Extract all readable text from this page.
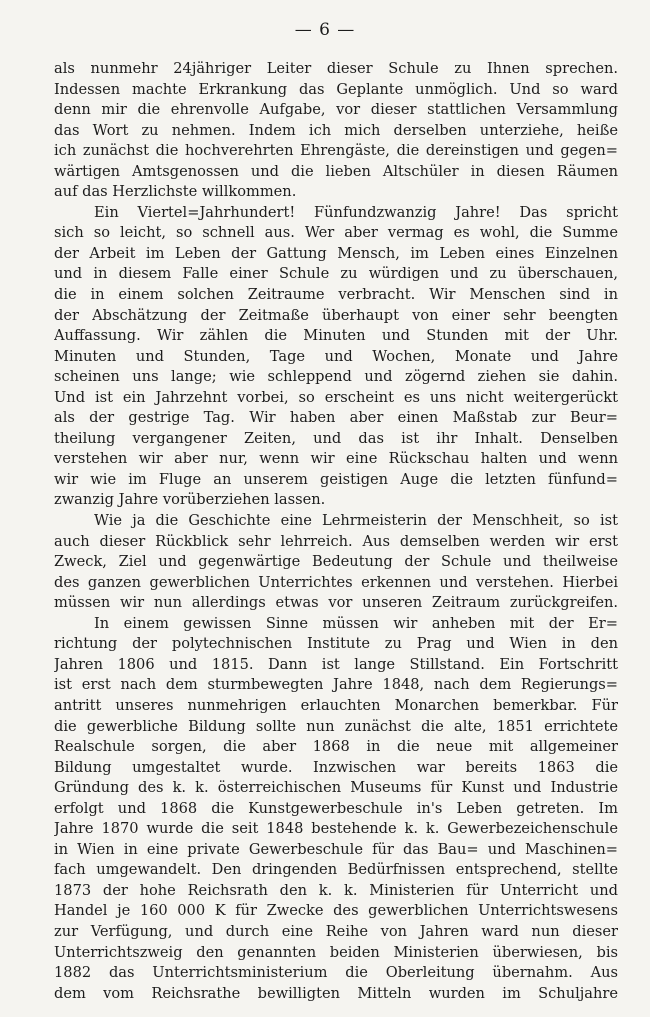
— 6 —
als nunmehr 24jähriger Leiter dieser Schule zu Ihnen sprechen.
Indessen machte Erkrankung das Geplante unmöglich. Und so ward
denn mir die ehrenvolle Aufgabe, vor dieser stattlichen Versammlung
das Wort zu nehmen. Indem ich mich derselben unterziehe, heiße
ich zunächst die hochverehrten Ehrengäste, die dereinstigen und gegen=
wärtigen Amtsgenossen und die lieben Altschüler in diesen Räumen
auf das Herzlichste willkommen.
Ein Viertel=Jahrhundert! Fünfundzwanzig Jahre! Das spricht
sich so leicht, so schnell aus. Wer aber vermag es wohl, die Summe
der Arbeit im Leben der Gattung Mensch, im Leben eines Einzelnen
und in diesem Falle einer Schule zu würdigen und zu überschauen,
die in einem solchen Zeitraume verbracht. Wir Menschen sind in
der Abschätzung der Zeitmaße überhaupt von einer sehr beengten
Auffassung. Wir zählen die Minuten und Stunden mit der Uhr.
Minuten und Stunden, Tage und Wochen, Monate und Jahre
scheinen uns lange; wie schleppend und zögernd ziehen sie dahin.
Und ist ein Jahrzehnt vorbei, so erscheint es uns nicht weitergerückt
als der gestrige Tag. Wir haben aber einen Maßstab zur Beur=
theilung vergangener Zeiten, und das ist ihr Inhalt. Denselben
verstehen wir aber nur, wenn wir eine Rückschau halten und wenn
wir wie im Fluge an unserem geistigen Auge die letzten fünfund=
zwanzig Jahre vorüberziehen lassen.
Wie ja die Geschichte eine Lehrmeisterin der Menschheit, so ist
auch dieser Rückblick sehr lehrreich. Aus demselben werden wir erst
Zweck, Ziel und gegenwärtige Bedeutung der Schule und theilweise
des ganzen gewerblichen Unterrichtes erkennen und verstehen. Hierbei
müssen wir nun allerdings etwas vor unseren Zeitraum zurückgreifen.
In einem gewissen Sinne müssen wir anheben mit der Er=
richtung der polytechnischen Institute zu Prag und Wien in den
Jahren 1806 und 1815. Dann ist lange Stillstand. Ein Fortschritt
ist erst nach dem sturmbewegten Jahre 1848, nach dem Regierungs=
antritt unseres nunmehrigen erlauchten Monarchen bemerkbar. Für
die gewerbliche Bildung sollte nun zunächst die alte, 1851 errichtete
Realschule sorgen, die aber 1868 in die neue mit allgemeiner
Bildung umgestaltet wurde. Inzwischen war bereits 1863 die
Gründung des k. k. österreichischen Museums für Kunst und Industrie
erfolgt und 1868 die Kunstgewerbeschule in's Leben getreten. Im
Jahre 1870 wurde die seit 1848 bestehende k. k. Gewerbezeichenschule
in Wien in eine private Gewerbeschule für das Bau= und Maschinen=
fach umgewandelt. Den dringenden Bedürfnissen entsprechend, stellte
1873 der hohe Reichsrath den k. k. Ministerien für Unterricht und
Handel je 160 000 K für Zwecke des gewerblichen Unterrichtswesens
zur Verfügung, und durch eine Reihe von Jahren ward nun dieser
Unterrichtszweig den genannten beiden Ministerien überwiesen, bis
1882 das Unterrichtsministerium die Oberleitung übernahm. Aus
dem vom Reichsrathe bewilligten Mitteln wurden im Schuljahre
